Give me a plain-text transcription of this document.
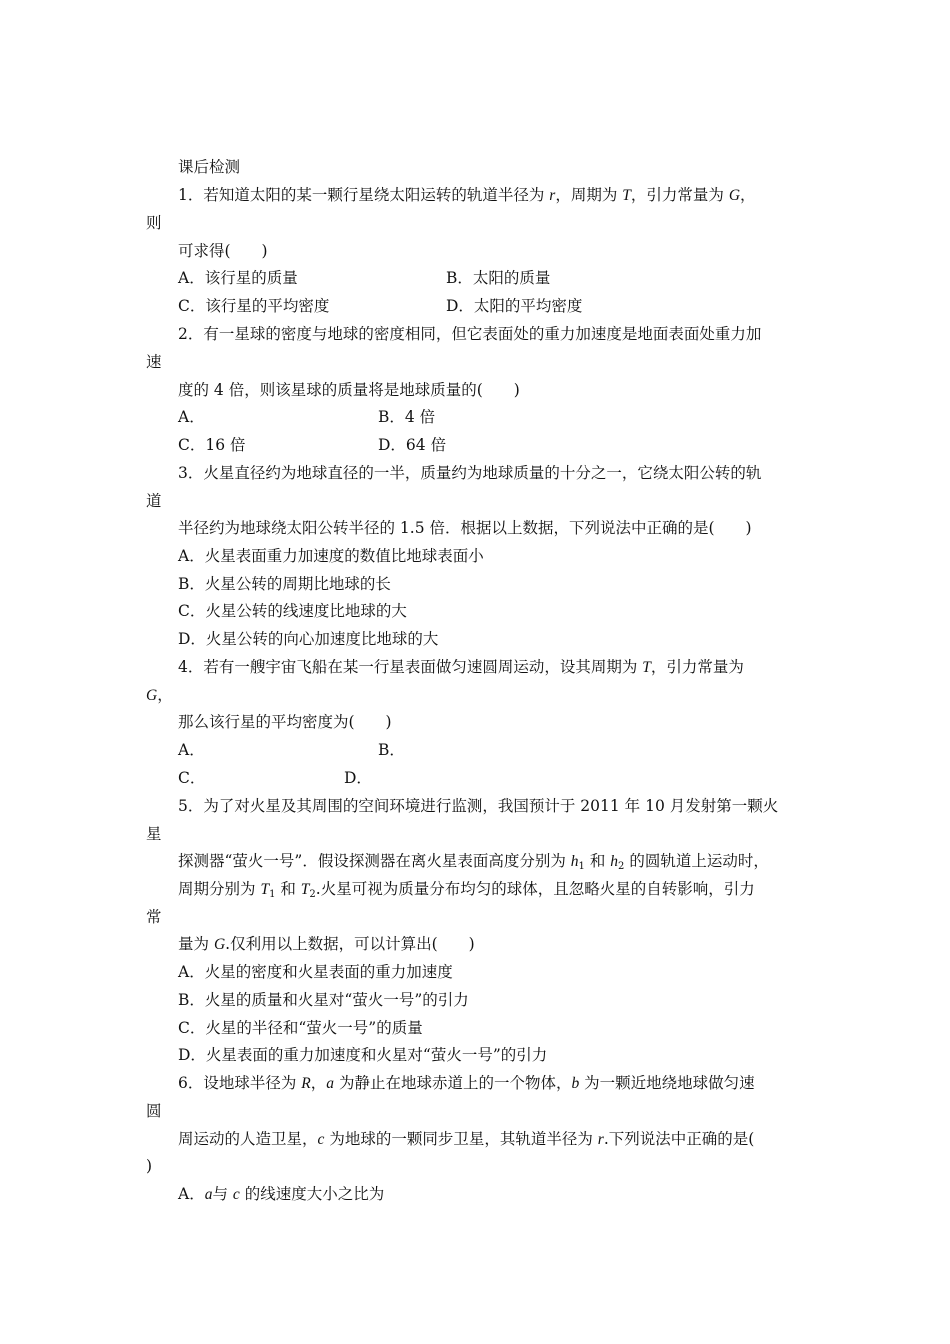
课后检测
1．若知道太阳的某一颗行星绕太阳运转的轨道半径为 r，周期为 T，引力常量为 G，
则
可求得(　　)
A．该行星的质量	B．太阳的质量
C．该行星的平均密度	D．太阳的平均密度
2．有一星球的密度与地球的密度相同，但它表面处的重力加速度是地面表面处重力加
速
度的 4 倍，则该星球的质量将是地球质量的(　　)
A．	B．4 倍
C．16 倍	D．64 倍
3．火星直径约为地球直径的一半，质量约为地球质量的十分之一，它绕太阳公转的轨
道
半径约为地球绕太阳公转半径的 1.5 倍．根据以上数据，下列说法中正确的是(　　)
A．火星表面重力加速度的数值比地球表面小
B．火星公转的周期比地球的长
C．火星公转的线速度比地球的大
D．火星公转的向心加速度比地球的大
4．若有一艘宇宙飞船在某一行星表面做匀速圆周运动，设其周期为 T，引力常量为
G，
那么该行星的平均密度为(　　)
A．	B．
C．	D．
5．为了对火星及其周围的空间环境进行监测，我国预计于 2011 年 10 月发射第一颗火
星
探测器“萤火一号”．假设探测器在离火星表面高度分别为 $h_1$ 和 $h_2$ 的圆轨道上运动时，
周期分别为 $T_1$ 和 $T_2$.火星可视为质量分布均匀的球体，且忽略火星的自转影响，引力
常
量为 G.仅利用以上数据，可以计算出(　　)
A．火星的密度和火星表面的重力加速度
B．火星的质量和火星对“萤火一号”的引力
C．火星的半径和“萤火一号”的质量
D．火星表面的重力加速度和火星对“萤火一号”的引力
6．设地球半径为 R，a 为静止在地球赤道上的一个物体，b 为一颗近地绕地球做匀速
圆
周运动的人造卫星，c 为地球的一颗同步卫星，其轨道半径为 r.下列说法中正确的是(
)
A．a与 c 的线速度大小之比为
